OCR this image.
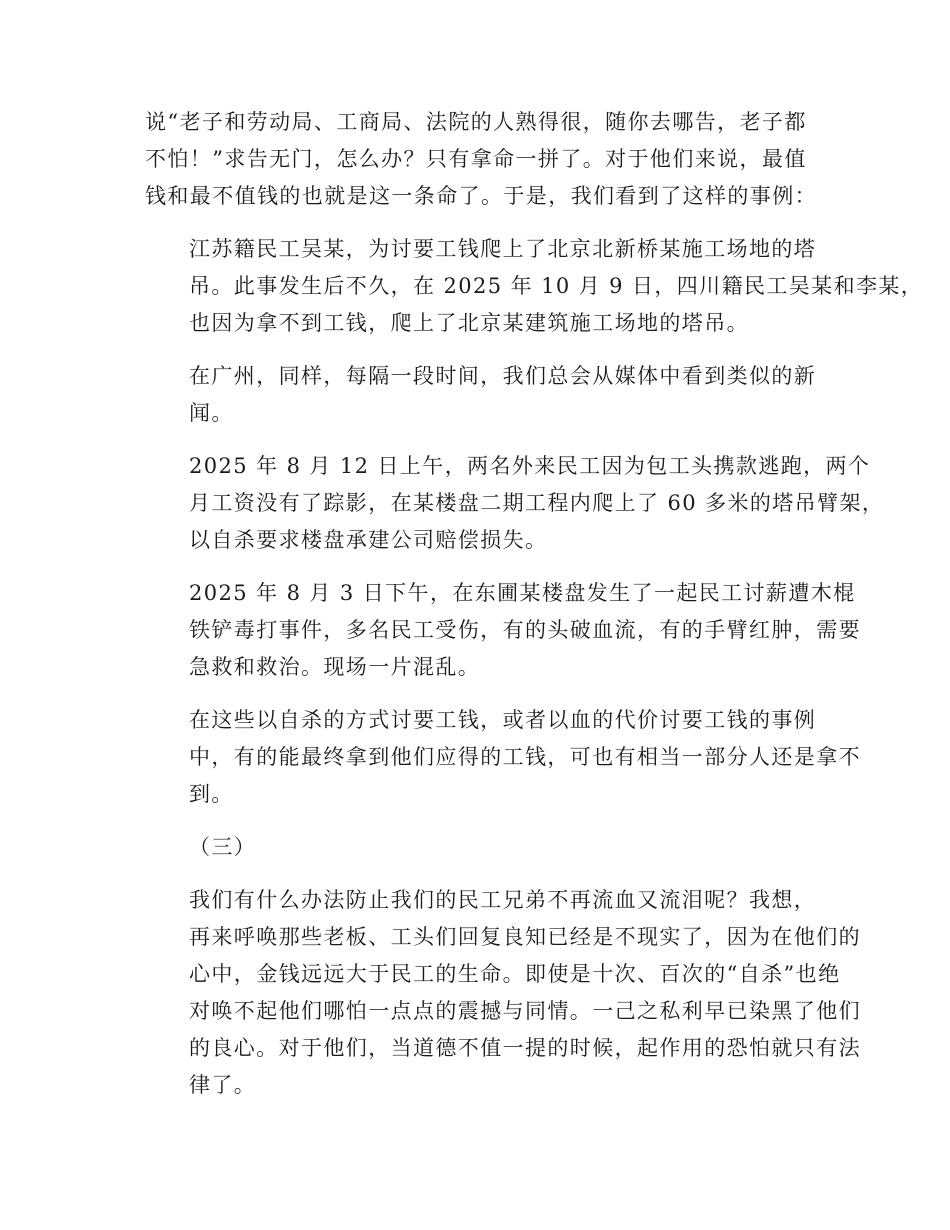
说“老子和劳动局、工商局、法院的人熟得很，随你去哪告，老子都
不怕！”求告无门，怎么办？只有拿命一拼了。对于他们来说，最值
钱和最不值钱的也就是这一条命了。于是，我们看到了这样的事例：

江苏籍民工吴某，为讨要工钱爬上了北京北新桥某施工场地的塔
吊。此事发生后不久，在 2025 年 10 月 9 日，四川籍民工吴某和李某，
也因为拿不到工钱，爬上了北京某建筑施工场地的塔吊。

在广州，同样，每隔一段时间，我们总会从媒体中看到类似的新
闻。

2025 年 8 月 12 日上午，两名外来民工因为包工头携款逃跑，两个
月工资没有了踪影，在某楼盘二期工程内爬上了 60 多米的塔吊臂架，
以自杀要求楼盘承建公司赔偿损失。

2025 年 8 月 3 日下午，在东圃某楼盘发生了一起民工讨薪遭木棍
铁铲毒打事件，多名民工受伤，有的头破血流，有的手臂红肿，需要
急救和救治。现场一片混乱。

在这些以自杀的方式讨要工钱，或者以血的代价讨要工钱的事例
中，有的能最终拿到他们应得的工钱，可也有相当一部分人还是拿不
到。

（三）

我们有什么办法防止我们的民工兄弟不再流血又流泪呢？我想，
再来呼唤那些老板、工头们回复良知已经是不现实了，因为在他们的
心中，金钱远远大于民工的生命。即使是十次、百次的“自杀”也绝
对唤不起他们哪怕一点点的震撼与同情。一己之私利早已染黑了他们
的良心。对于他们，当道德不值一提的时候，起作用的恐怕就只有法
律了。
